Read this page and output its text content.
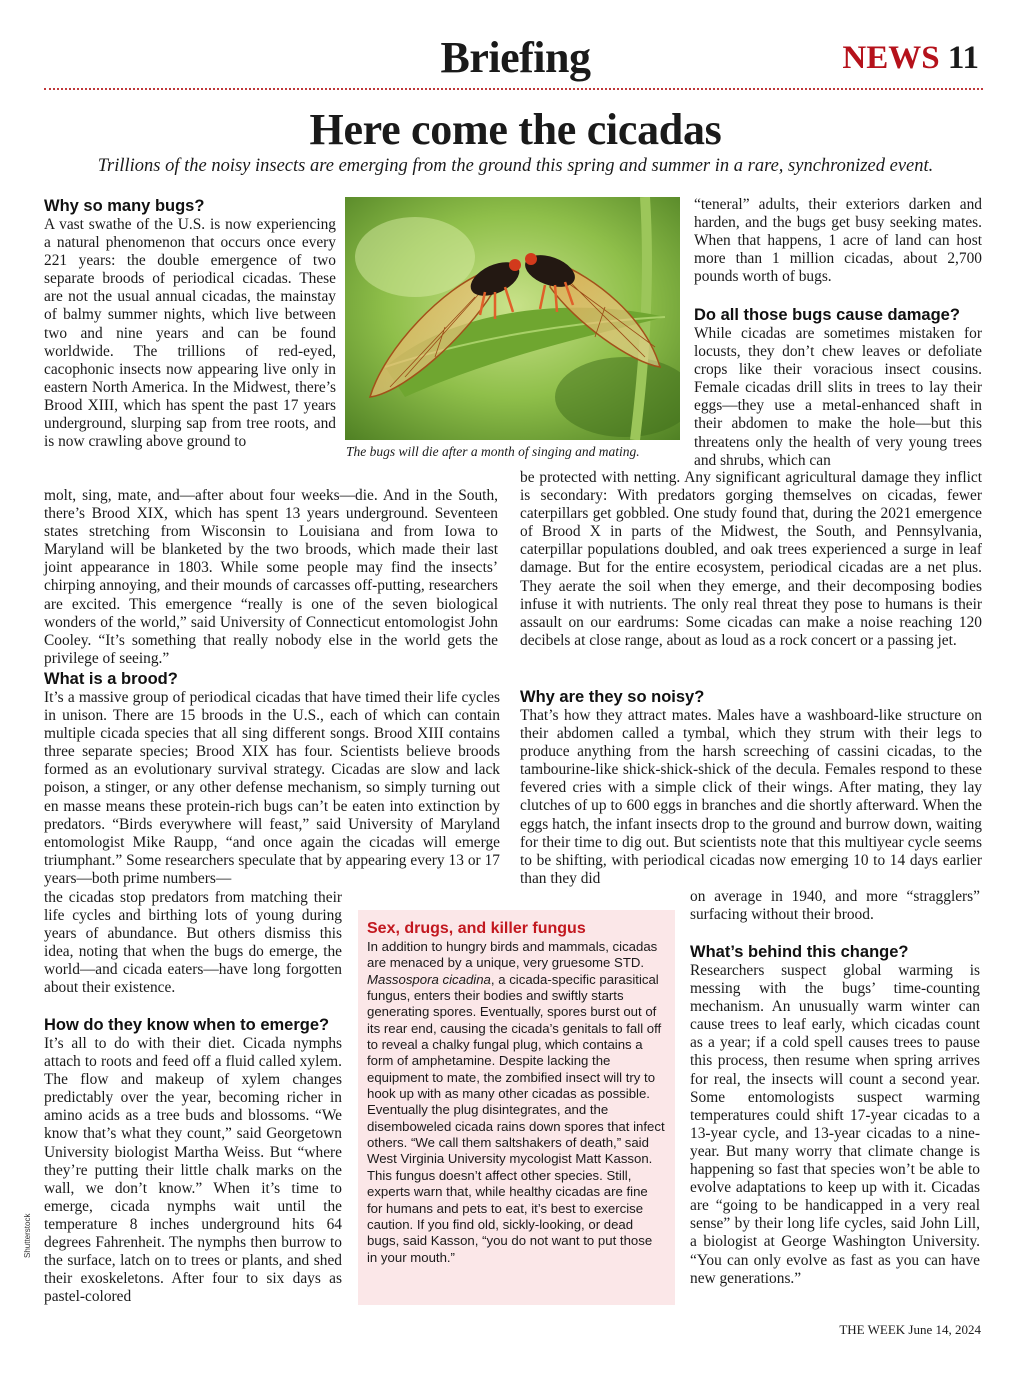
Briefing	NEWS 11
Here come the cicadas
Trillions of the noisy insects are emerging from the ground this spring and summer in a rare, synchronized event.
Why so many bugs?

A vast swathe of the U.S. is now experiencing a natural phenomenon that occurs once every 221 years: the double emergence of two separate broods of periodical cicadas. These are not the usual annual cicadas, the mainstay of balmy summer nights, which live between two and nine years and can be found worldwide. The trillions of red-eyed, cacophonic insects now appearing live only in eastern North America. In the Midwest, there’s Brood XIII, which has spent the past 17 years underground, slurping sap from tree roots, and is now crawling above ground to

molt, sing, mate, and—after about four weeks—die. And in the South, there’s Brood XIX, which has spent 13 years underground. Seventeen states stretching from Wisconsin to Louisiana and from Iowa to Maryland will be blanketed by the two broods, which made their last joint appearance in 1803. While some people may find the insects’ chirping annoying, and their mounds of carcasses off-putting, researchers are excited. This emergence “really is one of the seven biological wonders of the world,” said University of Connecticut entomologist John Cooley. “It’s something that really nobody else in the world gets the privilege of seeing.”

The bugs will die after a month of singing and mating.

“teneral” adults, their exteriors darken and harden, and the bugs get busy seeking mates. When that happens, 1 acre of land can host more than 1 million cicadas, about 2,700 pounds worth of bugs.

Do all those bugs cause damage?

While cicadas are sometimes mistaken for locusts, they don’t chew leaves or defoliate crops like their voracious insect cousins. Female cicadas drill slits in trees to lay their eggs—they use a metal-enhanced shaft in their abdomen to make the hole—but this threatens only the health of very young trees and shrubs, which can

be protected with netting. Any significant agricultural damage they inflict is secondary: With predators gorging themselves on cicadas, fewer caterpillars get gobbled. One study found that, during the 2021 emergence of Brood X in parts of the Midwest, the South, and Pennsylvania, caterpillar populations doubled, and oak trees experienced a surge in leaf damage. But for the entire ecosystem, periodical cicadas are a net plus. They aerate the soil when they emerge, and their decomposing bodies infuse it with nutrients. The only real threat they pose to humans is their assault on our eardrums: Some cicadas can make a noise reaching 120 decibels at close range, about as loud as a rock concert or a passing jet.

What is a brood?

It’s a massive group of periodical cicadas that have timed their life cycles in unison. There are 15 broods in the U.S., each of which can contain multiple cicada species that all sing different songs. Brood XIII contains three separate species; Brood XIX has four. Scientists believe broods formed as an evolutionary survival strategy. Cicadas are slow and lack poison, a stinger, or any other defense mechanism, so simply turning out en masse means these protein-rich bugs can’t be eaten into extinction by predators. “Birds everywhere will feast,” said University of Maryland entomologist Mike Raupp, “and once again the cicadas will emerge triumphant.” Some researchers speculate that by appearing every 13 or 17 years—both prime numbers—

the cicadas stop predators from matching their life cycles and birthing lots of young during years of abundance. But others dismiss this idea, noting that when the bugs do emerge, the world—and cicada eaters—have long forgotten about their existence.

Why are they so noisy?

That’s how they attract mates. Males have a washboard-like structure on their abdomen called a tymbal, which they strum with their legs to produce anything from the harsh screeching of cassini cicadas, to the tambourine-like shick-shick-shick of the decula. Females respond to these fevered cries with a simple click of their wings. After mating, they lay clutches of up to 600 eggs in branches and die shortly afterward. When the eggs hatch, the infant insects drop to the ground and burrow down, waiting for their time to dig out. But scientists note that this multiyear cycle seems to be shifting, with periodical cicadas now emerging 10 to 14 days earlier than they did

on average in 1940, and more “stragglers” surfacing without their brood.

How do they know when to emerge?

It’s all to do with their diet. Cicada nymphs attach to roots and feed off a fluid called xylem. The flow and makeup of xylem changes predictably over the year, becoming richer in amino acids as a tree buds and blossoms. “We know that’s what they count,” said Georgetown University biologist Martha Weiss. But “where they’re putting their little chalk marks on the wall, we don’t know.” When it’s time to emerge, cicada nymphs wait until the temperature 8 inches underground hits 64 degrees Fahrenheit. The nymphs then burrow to the surface, latch on to trees or plants, and shed their exoskeletons. After four to six days as pastel-colored

What’s behind this change?

Researchers suspect global warming is messing with the bugs’ time-counting mechanism. An unusually warm winter can cause trees to leaf early, which cicadas count as a year; if a cold spell causes trees to pause this process, then resume when spring arrives for real, the insects will count a second year. Some entomologists suspect warming temperatures could shift 17-year cicadas to a 13-year cycle, and 13-year cicadas to a nine-year. But many worry that climate change is happening so fast that species won’t be able to evolve adaptations to keep up with it. Cicadas are “going to be handicapped in a very real sense” by their long life cycles, said John Lill, a biologist at George Washington University. “You can only evolve as fast as you can have new generations.”

Sex, drugs, and killer fungus
In addition to hungry birds and mammals, cicadas are menaced by a unique, very gruesome STD. Massospora cicadina, a cicada-specific parasitical fungus, enters their bodies and swiftly starts generating spores. Eventually, spores burst out of its rear end, causing the cicada’s genitals to fall off to reveal a chalky fungal plug, which contains a form of amphetamine. Despite lacking the equipment to mate, the zombified insect will try to hook up with as many other cicadas as possible. Eventually the plug disintegrates, and the disemboweled cicada rains down spores that infect others. “We call them saltshakers of death,” said West Virginia University mycologist Matt Kasson. This fungus doesn’t affect other species. Still, experts warn that, while healthy cicadas are fine for humans and pets to eat, it’s best to exercise caution. If you find old, sickly-looking, or dead bugs, said Kasson, “you do not want to put those in your mouth.”
Shutterstock
THE WEEK June 14, 2024
